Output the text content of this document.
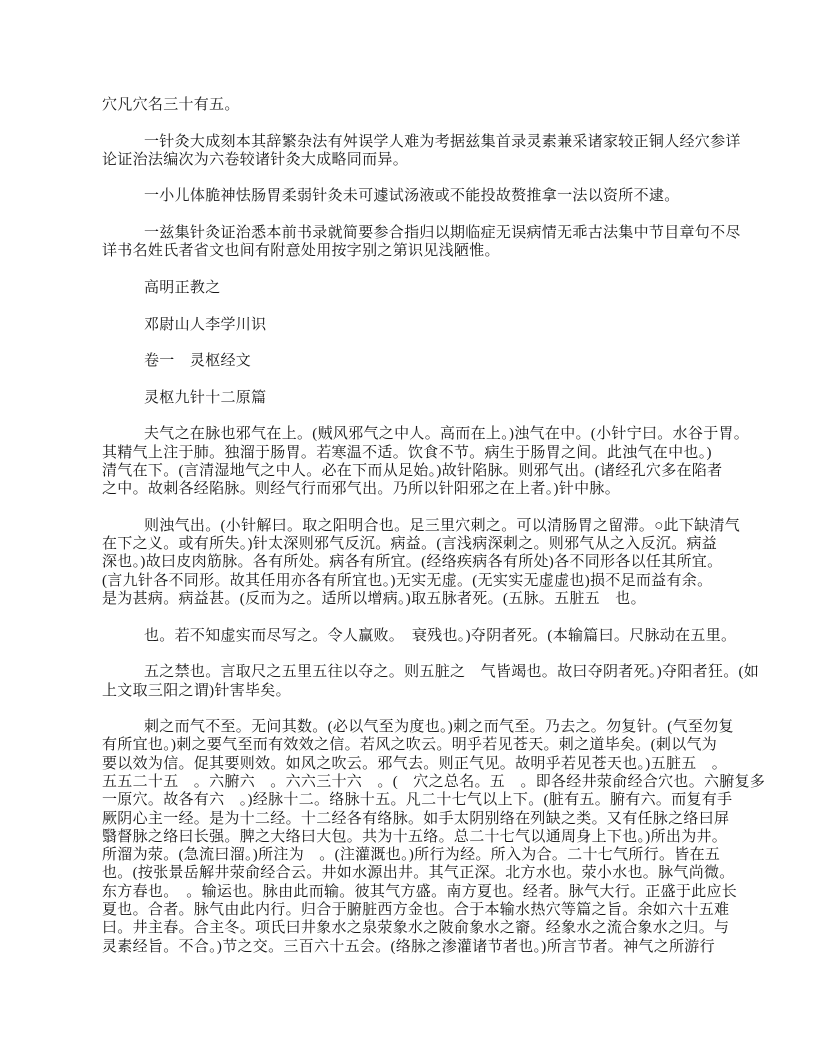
穴凡穴名三十有五。
一针灸大成刻本其辞繁杂法有舛误学人难为考据兹集首录灵素兼采诸家较正铜人经穴参详
论证治法编次为六卷较诸针灸大成略同而异。
一小儿体脆神怯肠胃柔弱针灸未可遽试汤液或不能投故赘推拿一法以资所不逮。
一兹集针灸证治悉本前书录就简要参合指归以期临症无误病情无乖古法集中节目章句不尽
详书名姓氏者省文也间有附意处用按字别之第识见浅陋惟。
高明正教之
邓尉山人李学川识
卷一　灵枢经文
灵枢九针十二原篇
夫气之在脉也邪气在上。(贼风邪气之中人。高而在上。)浊气在中。(小针宁曰。水谷于胃。
其精气上注于肺。独溜于肠胃。若寒温不适。饮食不节。病生于肠胃之间。此浊气在中也。)
清气在下。(言清湿地气之中人。必在下而从足始。)故针陷脉。则邪气出。(诸经孔穴多在陷者
之中。故刺各经陷脉。则经气行而邪气出。乃所以针阳邪之在上者。)针中脉。
则浊气出。(小针解曰。取之阳明合也。足三里穴刺之。可以清肠胃之留滞。○此下缺清气
在下之义。或有所失。)针太深则邪气反沉。病益。(言浅病深刺之。则邪气从之入反沉。病益
深也。)故曰皮肉筋脉。各有所处。病各有所宜。(经络疾病各有所处)各不同形各以任其所宜。
(言九针各不同形。故其任用亦各有所宜也。)无实无虚。(无实实无虚虚也)损不足而益有余。
是为甚病。病益甚。(反而为之。适所以增病。)取五脉者死。(五脉。五脏五　也。
也。若不知虚实而尽写之。令人赢败。　衰残也。)夺阴者死。(本输篇曰。尺脉动在五里。
五之禁也。言取尺之五里五往以夺之。则五脏之　气皆竭也。故曰夺阴者死。)夺阳者狂。(如
上文取三阳之谓)针害毕矣。
刺之而气不至。无问其数。(必以气至为度也。)刺之而气至。乃去之。勿复针。(气至勿复
有所宜也。)刺之要气至而有效效之信。若风之吹云。明乎若见苍天。刺之道毕矣。(刺以气为
要以效为信。促其要则效。如风之吹云。邪气去。则正气见。故明乎若见苍天也。)五脏五　。
五五二十五　。六腑六　。六六三十六　。(　穴之总名。五　。即各经井荥俞经合穴也。六腑复多
一原穴。故各有六　。)经脉十二。络脉十五。凡二十七气以上下。(脏有五。腑有六。而复有手
厥阴心主一经。是为十二经。十二经各有络脉。如手太阴别络在列缺之类。又有任脉之络曰屏
翳督脉之络曰长强。脾之大络曰大包。共为十五络。总二十七气以通周身上下也。)所出为井。
所溜为荥。(急流曰溜。)所注为　。(注灌溉也。)所行为经。所入为合。二十七气所行。皆在五
也。(按张景岳解井荥俞经合云。井如水源出井。其气正深。北方水也。荥小水也。脉气尚微。
东方春也。　。输运也。脉由此而输。彼其气方盛。南方夏也。经者。脉气大行。正盛于此应长
夏也。合者。脉气由此内行。归合于腑脏西方金也。合于本输水热穴等篇之旨。余如六十五难
曰。井主春。合主冬。项氏曰井象水之泉荥象水之陂俞象水之窬。经象水之流合象水之归。与
灵素经旨。不合。)节之交。三百六十五会。(络脉之渗灌诸节者也。)所言节者。神气之所游行
